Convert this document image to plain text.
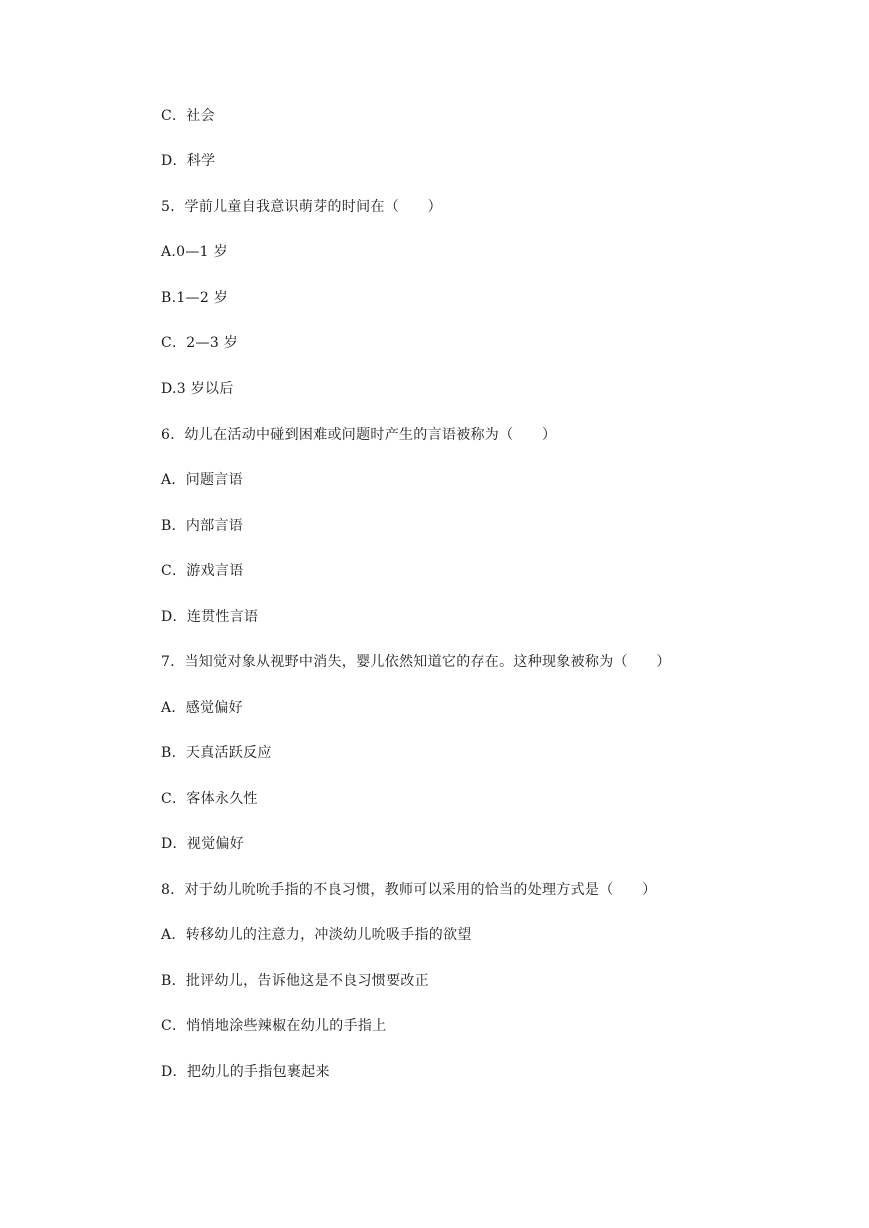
C．社会
D．科学
5．学前儿童自我意识萌芽的时间在（　　）
A.0—1 岁
B.1—2 岁
C．2—3 岁
D.3 岁以后
6．幼儿在活动中碰到困难或问题时产生的言语被称为（　　）
A．问题言语
B．内部言语
C．游戏言语
D．连贯性言语
7．当知觉对象从视野中消失，婴儿依然知道它的存在。这种现象被称为（　　）
A．感觉偏好
B．天真活跃反应
C．客体永久性
D．视觉偏好
8．对于幼儿吮吮手指的不良习惯，教师可以采用的恰当的处理方式是（　　）
A．转移幼儿的注意力，冲淡幼儿吮吸手指的欲望
B．批评幼儿，告诉他这是不良习惯要改正
C．悄悄地涂些辣椒在幼儿的手指上
D．把幼儿的手指包裹起来
